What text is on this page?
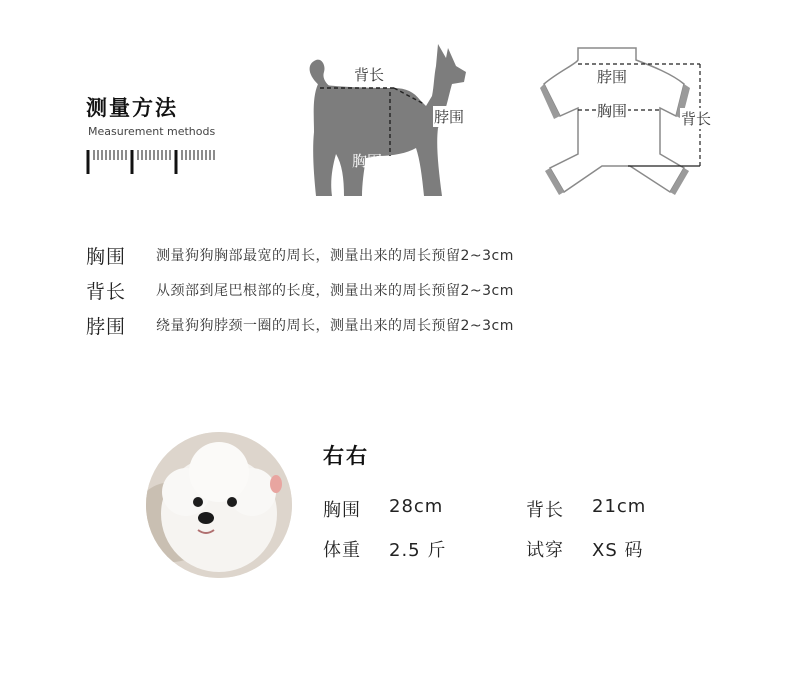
测量方法
Measurement methods
背长
脖围
胸围
脖围
胸围	背长
胸围	测量狗狗胸部最宽的周长，测量出来的周长预留2~3cm
背长	从颈部到尾巴根部的长度，测量出来的周长预留2~3cm
脖围	绕量狗狗脖颈一圈的周长，测量出来的周长预留2~3cm
右右
胸围	28cm	背长	21cm
体重	2.5 斤	试穿	XS 码
